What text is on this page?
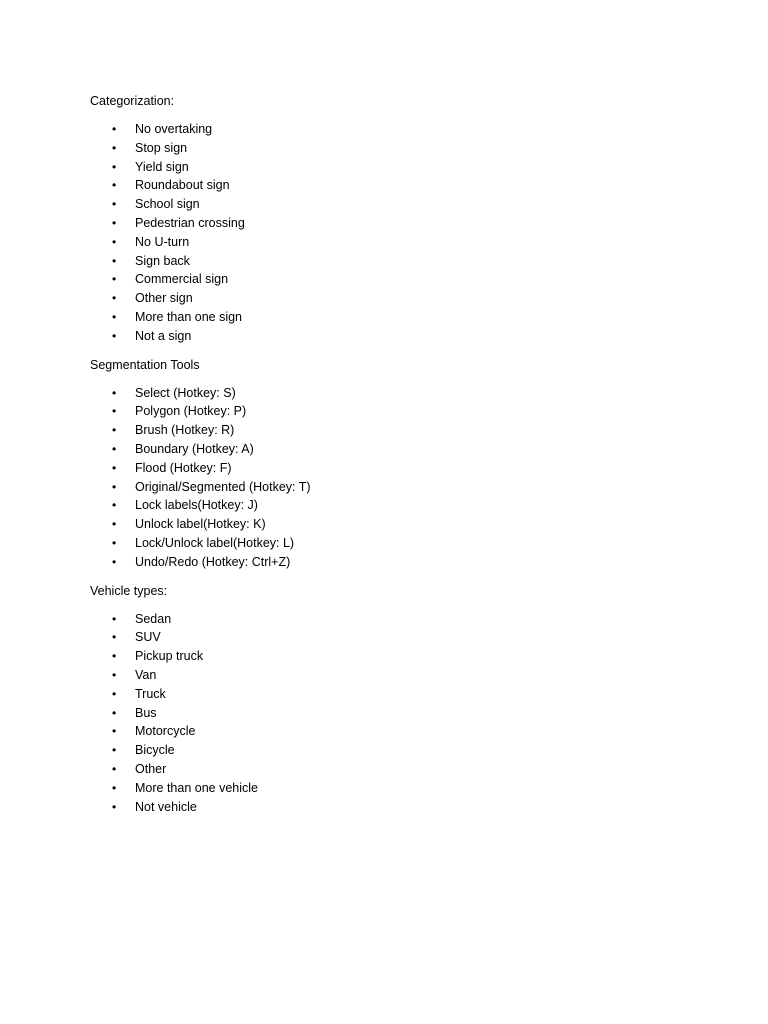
Categorization:

• No overtaking
• Stop sign
• Yield sign
• Roundabout sign
• School sign
• Pedestrian crossing
• No U-turn
• Sign back
• Commercial sign
• Other sign
• More than one sign
• Not a sign

Segmentation Tools

• Select (Hotkey: S)
• Polygon (Hotkey: P)
• Brush (Hotkey: R)
• Boundary (Hotkey: A)
• Flood (Hotkey: F)
• Original/Segmented (Hotkey: T)
• Lock labels(Hotkey: J)
• Unlock label(Hotkey: K)
• Lock/Unlock label(Hotkey: L)
• Undo/Redo (Hotkey: Ctrl+Z)

Vehicle types:

• Sedan
• SUV
• Pickup truck
• Van
• Truck
• Bus
• Motorcycle
• Bicycle
• Other
• More than one vehicle
• Not vehicle
